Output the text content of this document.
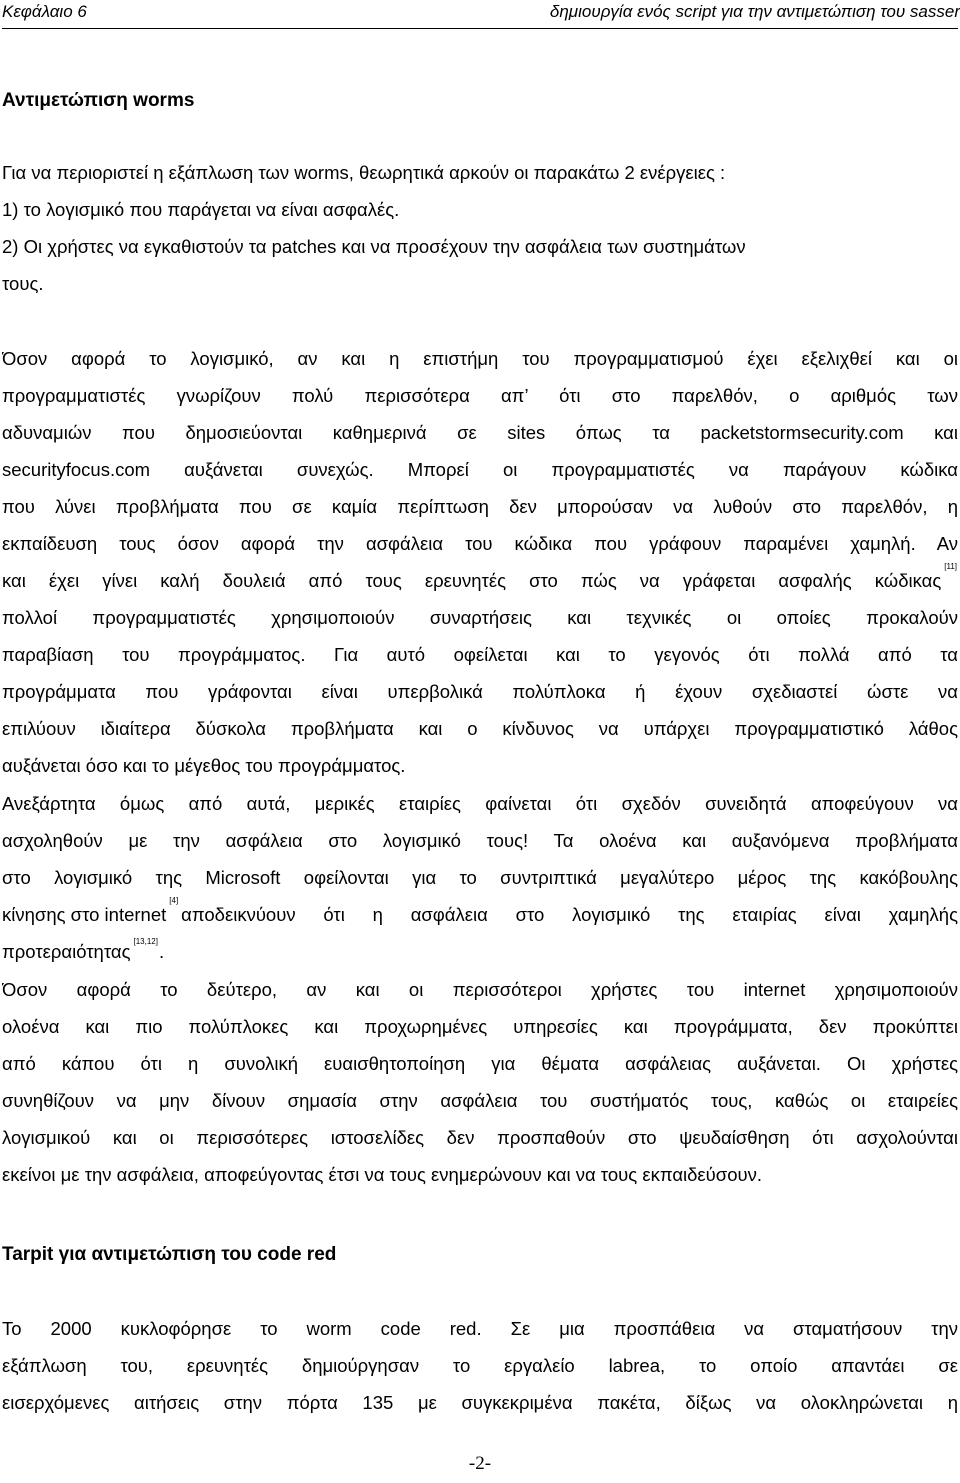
Κεφάλαιο 6	δημιουργία ενός script για την αντιμετώπιση του sasser
Αντιμετώπιση worms
Για να περιοριστεί η εξάπλωση των worms, θεωρητικά αρκούν οι παρακάτω 2 ενέργειες :
1) το λογισμικό που παράγεται να είναι ασφαλές.
2) Οι χρήστες να εγκαθιστούν τα patches και να προσέχουν την ασφάλεια των συστημάτων
τους.
Όσον αφορά το λογισμικό, αν και η επιστήμη του προγραμματισμού έχει εξελιχθεί και οι
προγραμματιστές γνωρίζουν πολύ περισσότερα απ’ ότι στο παρελθόν, ο αριθμός των
αδυναμιών που δημοσιεύονται καθημερινά σε sites όπως τα packetstormsecurity.com και
securityfocus.com αυξάνεται συνεχώς. Μπορεί οι προγραμματιστές να παράγουν κώδικα
που λύνει προβλήματα που σε καμία περίπτωση δεν μπορούσαν να λυθούν στο παρελθόν, η
εκπαίδευση τους όσον αφορά την ασφάλεια του κώδικα που γράφουν παραμένει χαμηλή. Αν
και έχει γίνει καλή δουλειά από τους ερευνητές στο πώς να γράφεται ασφαλής κώδικας
[11]
πολλοί προγραμματιστές χρησιμοποιούν συναρτήσεις και τεχνικές οι οποίες προκαλούν
παραβίαση του προγράμματος. Για αυτό οφείλεται και το γεγονός ότι πολλά από τα
προγράμματα που γράφονται είναι υπερβολικά πολύπλοκα ή έχουν σχεδιαστεί ώστε να
επιλύουν ιδιαίτερα δύσκολα προβλήματα και ο κίνδυνος να υπάρχει προγραμματιστικό λάθος
αυξάνεται όσο και το μέγεθος του προγράμματος.
Ανεξάρτητα όμως από αυτά, μερικές εταιρίες φαίνεται ότι σχεδόν συνειδητά αποφεύγουν να
ασχοληθούν με την ασφάλεια στο λογισμικό τους! Τα ολοένα και αυξανόμενα προβλήματα
στο λογισμικό της Microsoft οφείλονται για το συντριπτικά μεγαλύτερο μέρος της κακόβουλης
κίνησης στο internet
[4]
αποδεικνύουν ότι η ασφάλεια στο λογισμικό της εταιρίας είναι χαμηλής
προτεραιότητας [13,12].
Όσον αφορά το δεύτερο, αν και οι περισσότεροι χρήστες του internet χρησιμοποιούν
ολοένα και πιο πολύπλοκες και προχωρημένες υπηρεσίες και προγράμματα, δεν προκύπτει
από κάπου ότι η συνολική ευαισθητοποίηση για θέματα ασφάλειας αυξάνεται. Οι χρήστες
συνηθίζουν να μην δίνουν σημασία στην ασφάλεια του συστήματός τους, καθώς οι εταιρείες
λογισμικού και οι περισσότερες ιστοσελίδες δεν προσπαθούν στο ψευδαίσθηση ότι ασχολούνται
εκείνοι με την ασφάλεια, αποφεύγοντας έτσι να τους ενημερώνουν και να τους εκπαιδεύσουν.
Tarpit για αντιμετώπιση του code red
Το 2000 κυκλοφόρησε το worm code red. Σε μια προσπάθεια να σταματήσουν την
εξάπλωση του, ερευνητές δημιούργησαν το εργαλείο labrea, το οποίο απαντάει σε
εισερχόμενες αιτήσεις στην πόρτα 135 με συγκεκριμένα πακέτα, δίξως να ολοκληρώνεται η
-2-
